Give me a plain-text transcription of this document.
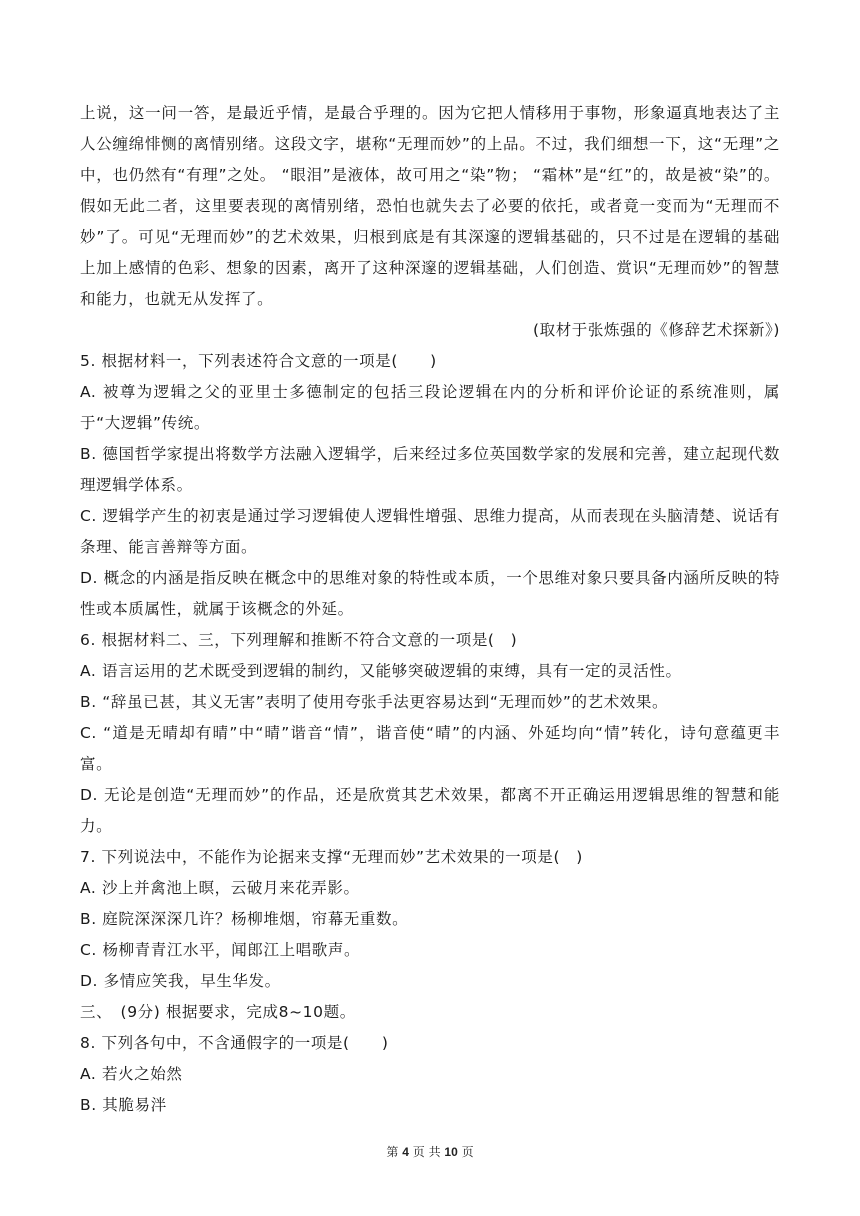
上说，这一问一答，是最近乎情，是最合乎理的。因为它把人情移用于事物，形象逼真地表达了主人公缠绵悱恻的离情别绪。这段文字，堪称“无理而妙”的上品。不过，我们细想一下，这“无理”之中，也仍然有“有理”之处。 “眼泪”是液体，故可用之“染”物； “霜林”是“红”的，故是被“染”的。假如无此二者，这里要表现的离情别绪，恐怕也就失去了必要的依托，或者竟一变而为“无理而不妙”了。可见“无理而妙”的艺术效果，归根到底是有其深邃的逻辑基础的，只不过是在逻辑的基础上加上感情的色彩、想象的因素，离开了这种深邃的逻辑基础，人们创造、赏识“无理而妙”的智慧和能力，也就无从发挥了。

(取材于张炼强的《修辞艺术探新》)

5. 根据材料一，下列表述符合文意的一项是(　　)

A. 被尊为逻辑之父的亚里士多德制定的包括三段论逻辑在内的分析和评价论证的系统准则，属于“大逻辑”传统。

B. 德国哲学家提出将数学方法融入逻辑学，后来经过多位英国数学家的发展和完善，建立起现代数理逻辑学体系。

C. 逻辑学产生的初衷是通过学习逻辑使人逻辑性增强、思维力提高，从而表现在头脑清楚、说话有条理、能言善辩等方面。

D. 概念的内涵是指反映在概念中的思维对象的特性或本质，一个思维对象只要具备内涵所反映的特性或本质属性，就属于该概念的外延。

6. 根据材料二、三，下列理解和推断不符合文意的一项是(　)

A. 语言运用的艺术既受到逻辑的制约，又能够突破逻辑的束缚，具有一定的灵活性。

B. “辞虽已甚，其义无害”表明了使用夸张手法更容易达到“无理而妙”的艺术效果。

C. “道是无晴却有晴”中“晴”谐音“情”，谐音使“晴”的内涵、外延均向“情”转化，诗句意蕴更丰富。

D. 无论是创造“无理而妙”的作品，还是欣赏其艺术效果，都离不开正确运用逻辑思维的智慧和能力。

7. 下列说法中，不能作为论据来支撑“无理而妙”艺术效果的一项是(　)

A. 沙上并禽池上暝，云破月来花弄影。

B. 庭院深深深几许？杨柳堆烟，帘幕无重数。

C. 杨柳青青江水平，闻郎江上唱歌声。

D. 多情应笑我，早生华发。

三、　(9分) 根据要求，完成8~10题。

8. 下列各句中，不含通假字的一项是(　　)

A. 若火之始然

B. 其脆易泮

第 4 页 共 10 页
